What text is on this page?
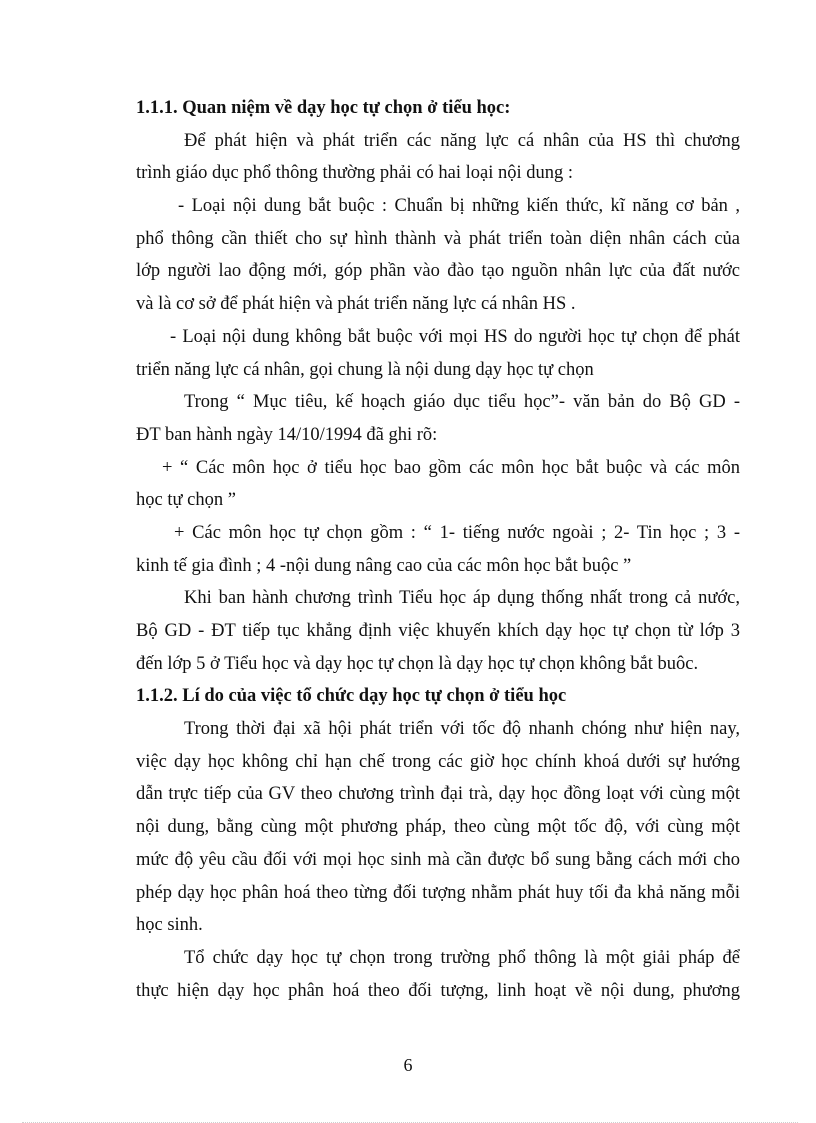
1.1.1. Quan niệm về dạy học tự chọn ở tiểu học:
Để phát hiện và phát triển các năng lực cá nhân của HS thì chương
trình giáo dục phổ thông thường phải có hai loại nội dung :
- Loại nội dung bắt buộc : Chuẩn bị những kiến thức, kĩ năng cơ bản ,
phổ thông cần thiết cho sự hình thành và phát triển toàn diện nhân cách của
lớp người lao động mới, góp phần vào đào tạo nguồn nhân lực của đất nước
và là cơ sở để phát hiện và phát triển năng lực cá nhân HS .
- Loại nội dung không bắt buộc với mọi HS do người học tự chọn để phát
triển năng lực cá nhân, gọi chung là nội dung dạy học tự chọn
Trong “ Mục tiêu, kế hoạch giáo dục tiểu học”- văn bản do Bộ GD -
ĐT ban hành ngày 14/10/1994 đã ghi rõ:
+ “ Các môn học ở tiểu học bao gồm các môn học bắt buộc và các môn
học tự chọn ”
+ Các môn học tự chọn gồm : “ 1- tiếng nước ngoài ; 2- Tin học ; 3 -
kinh tế gia đình ; 4 -nội dung nâng cao của các môn học bắt buộc ”
Khi ban hành chương trình Tiểu học áp dụng thống nhất trong cả nước,
Bộ GD - ĐT tiếp tục khẳng định việc khuyến khích dạy học tự chọn từ lớp 3
đến lớp 5 ở Tiểu học và dạy học tự chọn là dạy học tự chọn không bắt buôc.
1.1.2. Lí do của việc tổ chức dạy học tự chọn ở tiểu học
Trong thời đại xã hội phát triển với tốc độ nhanh chóng như hiện nay,
việc dạy học không chỉ hạn chế trong các giờ học chính khoá dưới sự hướng
dẫn trực tiếp của GV theo chương trình đại trà, dạy học đồng loạt với cùng một
nội dung, bằng cùng một phương pháp, theo cùng một tốc độ, với cùng một
mức độ yêu cầu đối với mọi học sinh mà cần được bổ sung bằng cách mới cho
phép dạy học phân hoá theo từng đối tượng nhằm phát huy tối đa khả năng mỗi
học sinh.
Tổ chức dạy học tự chọn trong trường phổ thông là một giải pháp để
thực hiện dạy học phân hoá theo đối tượng, linh hoạt về nội dung, phương
6
